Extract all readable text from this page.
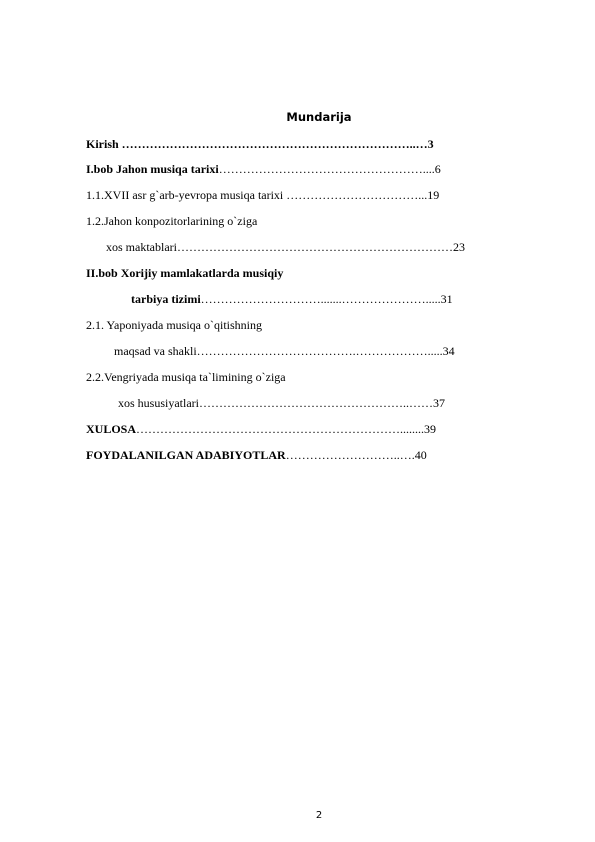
Mundarija
Kirish ………………………………………………………………..…3
I.bob Jahon musiqa tarixi……………………………………………....6
1.1.XVII asr g`arb-yevropa musiqa tarixi ……………………………...19
1.2.Jahon konpozitorlarining o`ziga
xos maktablari……………………………………………………………23
II.bob Xorijiy mamlakatlarda musiqiy
tarbiya tizimi………………………….......………………….....31
2.1. Yaponiyada musiqa o`qitishning
maqsad va shakli………………………………….……………….....34
2.2.Vengriyada musiqa ta`limining o`ziga
xos hususiyatlari……………………………………………..……37
XULOSA…………………………………………………………........39
FOYDALANILGAN ADABIYOTLAR………………………..….40
2
